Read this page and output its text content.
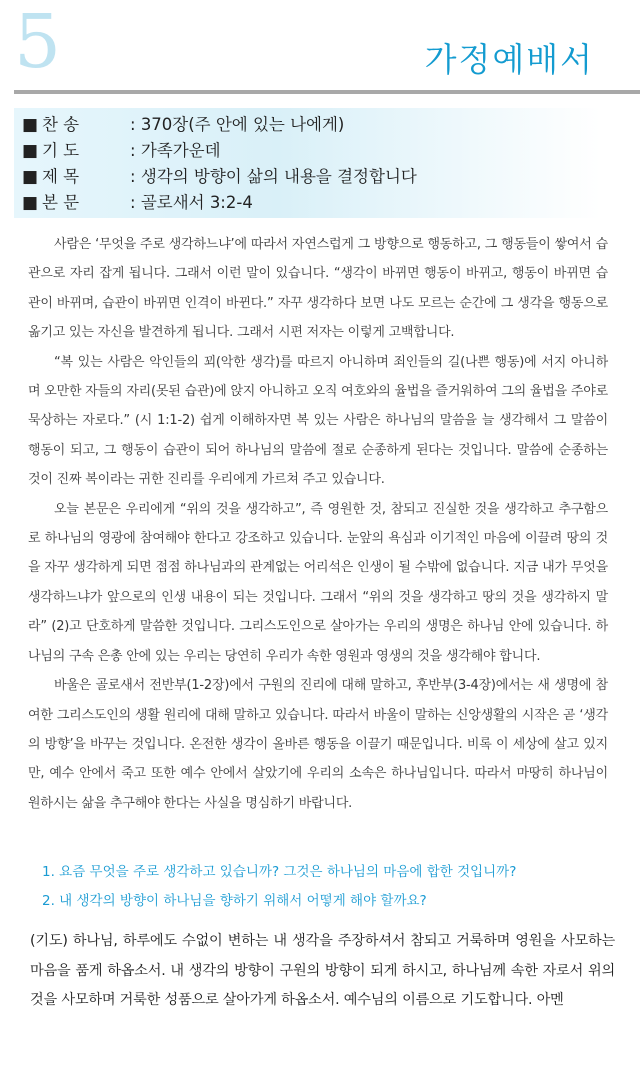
5	가정예배서
■ 찬 송	: 370장(주 안에 있는 나에게)
■ 기 도	: 가족가운데
■ 제 목	: 생각의 방향이 삶의 내용을 결정합니다
■ 본 문	: 골로새서 3:2-4

사람은 ‘무엇을 주로 생각하느냐’에 따라서 자연스럽게 그 방향으로 행동하고, 그 행동들이 쌓여서 습관으로 자리 잡게 됩니다. 그래서 이런 말이 있습니다. “생각이 바뀌면 행동이 바뀌고, 행동이 바뀌면 습관이 바뀌며, 습관이 바뀌면 인격이 바뀐다.” 자꾸 생각하다 보면 나도 모르는 순간에 그 생각을 행동으로 옮기고 있는 자신을 발견하게 됩니다. 그래서 시편 저자는 이렇게 고백합니다.

“복 있는 사람은 악인들의 꾀(악한 생각)를 따르지 아니하며 죄인들의 길(나쁜 행동)에 서지 아니하며 오만한 자들의 자리(못된 습관)에 앉지 아니하고 오직 여호와의 율법을 즐거워하여 그의 율법을 주야로 묵상하는 자로다.” (시 1:1-2) 쉽게 이해하자면 복 있는 사람은 하나님의 말씀을 늘 생각해서 그 말씀이 행동이 되고, 그 행동이 습관이 되어 하나님의 말씀에 절로 순종하게 된다는 것입니다. 말씀에 순종하는 것이 진짜 복이라는 귀한 진리를 우리에게 가르쳐 주고 있습니다.

오늘 본문은 우리에게 “위의 것을 생각하고”, 즉 영원한 것, 참되고 진실한 것을 생각하고 추구함으로 하나님의 영광에 참여해야 한다고 강조하고 있습니다. 눈앞의 욕심과 이기적인 마음에 이끌려 땅의 것을 자꾸 생각하게 되면 점점 하나님과의 관계없는 어리석은 인생이 될 수밖에 없습니다. 지금 내가 무엇을 생각하느냐가 앞으로의 인생 내용이 되는 것입니다. 그래서 “위의 것을 생각하고 땅의 것을 생각하지 말라” (2)고 단호하게 말씀한 것입니다. 그리스도인으로 살아가는 우리의 생명은 하나님 안에 있습니다. 하나님의 구속 은총 안에 있는 우리는 당연히 우리가 속한 영원과 영생의 것을 생각해야 합니다.

바울은 골로새서 전반부(1-2장)에서 구원의 진리에 대해 말하고, 후반부(3-4장)에서는 새 생명에 참여한 그리스도인의 생활 원리에 대해 말하고 있습니다. 따라서 바울이 말하는 신앙생활의 시작은 곧 ‘생각의 방향’을 바꾸는 것입니다. 온전한 생각이 올바른 행동을 이끌기 때문입니다. 비록 이 세상에 살고 있지만, 예수 안에서 죽고 또한 예수 안에서 살았기에 우리의 소속은 하나님입니다. 따라서 마땅히 하나님이 원하시는 삶을 추구해야 한다는 사실을 명심하기 바랍니다.

1. 요즘 무엇을 주로 생각하고 있습니까? 그것은 하나님의 마음에 합한 것입니까?
2. 내 생각의 방향이 하나님을 향하기 위해서 어떻게 해야 할까요?
(기도) 하나님, 하루에도 수없이 변하는 내 생각을 주장하셔서 참되고 거룩하며 영원을 사모하는 마음을 품게 하옵소서. 내 생각의 방향이 구원의 방향이 되게 하시고, 하나님께 속한 자로서 위의 것을 사모하며 거룩한 성품으로 살아가게 하옵소서. 예수님의 이름으로 기도합니다. 아멘
